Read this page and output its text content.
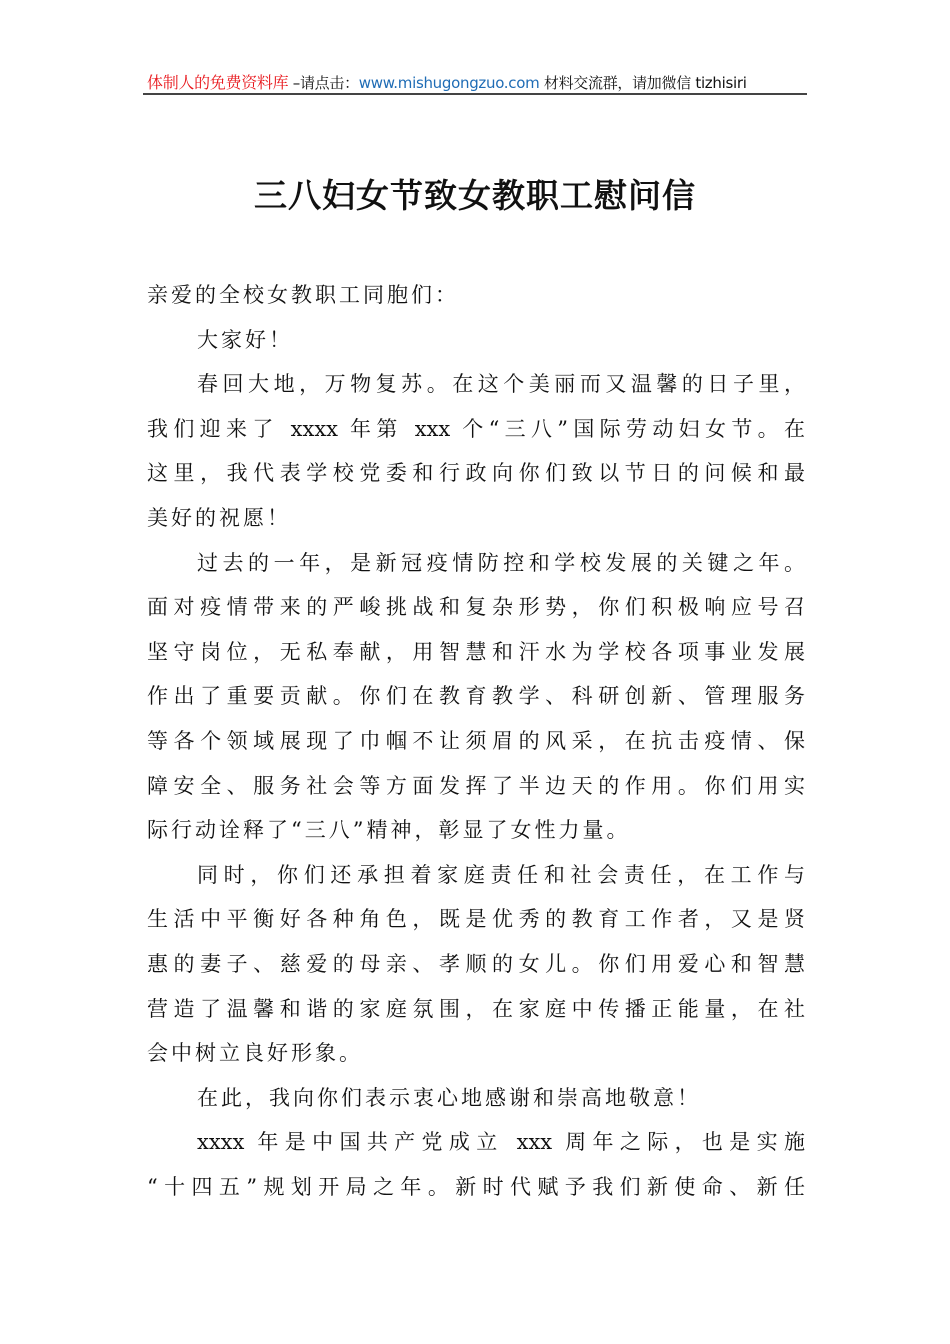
体制人的免费资料库 –请点击：www.mishugongzuo.com 材料交流群，请加微信 tizhisiri
三八妇女节致女教职工慰问信
亲爱的全校女教职工同胞们：
大家好！
春回大地，万物复苏。在这个美丽而又温馨的日子里，
我们迎来了 xxxx 年第 xxx 个“三八”国际劳动妇女节。在
这里，我代表学校党委和行政向你们致以节日的问候和最
美好的祝愿！
过去的一年，是新冠疫情防控和学校发展的关键之年。
面对疫情带来的严峻挑战和复杂形势，你们积极响应号召
坚守岗位，无私奉献，用智慧和汗水为学校各项事业发展
作出了重要贡献。你们在教育教学、科研创新、管理服务
等各个领域展现了巾帼不让须眉的风采，在抗击疫情、保
障安全、服务社会等方面发挥了半边天的作用。你们用实
际行动诠释了“三八”精神，彰显了女性力量。
同时，你们还承担着家庭责任和社会责任，在工作与
生活中平衡好各种角色，既是优秀的教育工作者，又是贤
惠的妻子、慈爱的母亲、孝顺的女儿。你们用爱心和智慧
营造了温馨和谐的家庭氛围，在家庭中传播正能量，在社
会中树立良好形象。
在此，我向你们表示衷心地感谢和崇高地敬意！
xxxx 年是中国共产党成立 xxx 周年之际，也是实施
“十四五”规划开局之年。新时代赋予我们新使命、新任
